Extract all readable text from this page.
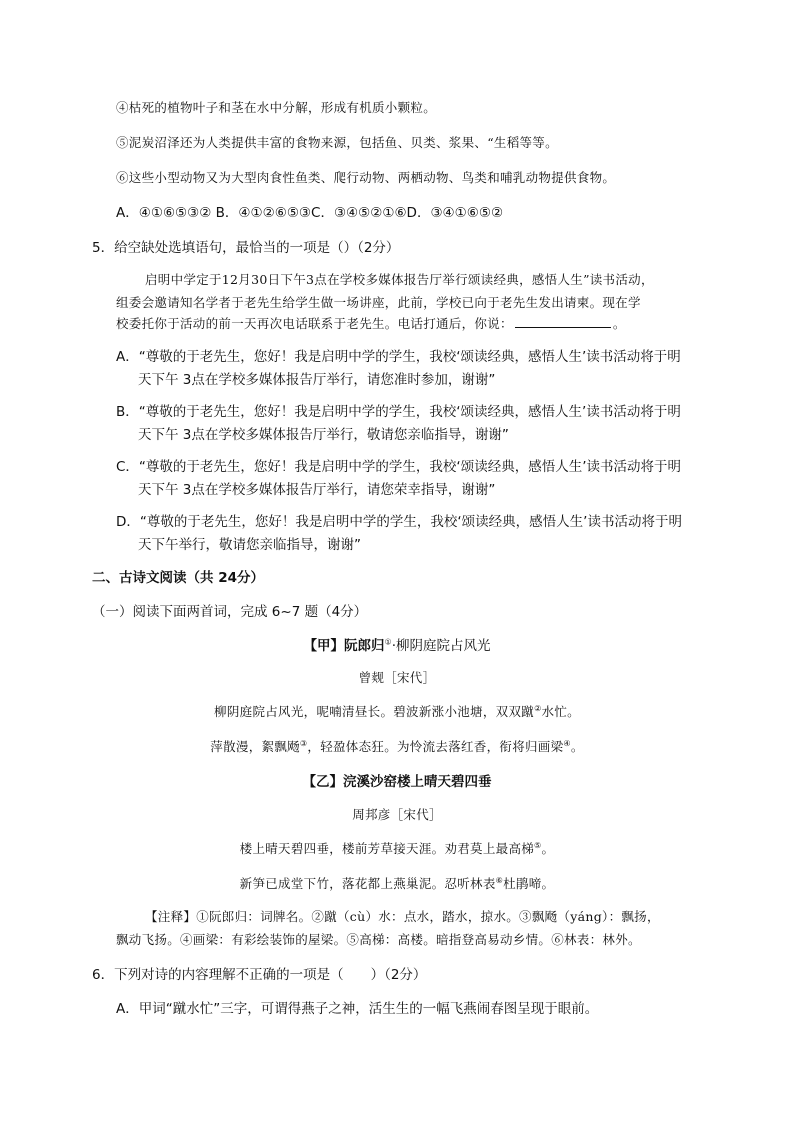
④枯死的植物叶子和茎在水中分解，形成有机质小颗粒。
⑤泥炭沼泽还为人类提供丰富的食物来源，包括鱼、贝类、浆果、“生稻等等。
⑥这些小型动物又为大型肉食性鱼类、爬行动物、两栖动物、鸟类和哺乳动物提供食物。
A．④①⑥⑤③② B．④①②⑥⑤③C．③④⑤②①⑥D．③④①⑥⑤②
5．给空缺处选填语句，最恰当的一项是（）（2分）
启明中学定于12月30日下午3点在学校多媒体报告厅举行颂读经典，感悟人生”读书活动，
组委会邀请知名学者于老先生给学生做一场讲座，此前，学校已向于老先生发出请柬。现在学
校委托你于活动的前一天再次电话联系于老先生。电话打通后，你说：	。
A．“尊敬的于老先生，您好！我是启明中学的学生，我校‘颂读经典，感悟人生’读书活动将于明
天下午 3点在学校多媒体报告厅举行，请您准时参加，谢谢”
B．“尊敬的于老先生，您好！我是启明中学的学生，我校‘颂读经典，感悟人生’读书活动将于明
天下午 3点在学校多媒体报告厅举行，敬请您亲临指导，谢谢”
C．“尊敬的于老先生，您好！我是启明中学的学生，我校‘颂读经典，感悟人生’读书活动将于明
天下午 3点在学校多媒体报告厅举行，请您荣幸指导，谢谢”
D．“尊敬的于老先生，您好！我是启明中学的学生，我校‘颂读经典，感悟人生’读书活动将于明
天下午举行，敬请您亲临指导，谢谢”
二、古诗文阅读（共 24分）
（一）阅读下面两首词，完成 6~7 题（4分）
【甲】阮郎归①·柳阴庭院占风光
曾觌［宋代］
柳阴庭院占风光，呢喃清昼长。碧波新涨小池塘，双双蹴②水忙。
萍散漫，絮飘飏③，轻盈体态狂。为怜流去落红香，衔将归画梁④。
【乙】浣溪沙窑楼上晴天碧四垂
周邦彦［宋代］
楼上晴天碧四垂，楼前芳草接天涯。劝君莫上最高梯⑤。
新笋已成堂下竹，落花都上燕巢泥。忍听林表⑥杜鹃啼。
【注释】①阮郎归：词牌名。②蹴（cù）水：点水，踏水，掠水。③飘飏（yáng）：飘扬，
飘动飞扬。④画梁：有彩绘装饰的屋梁。⑤高梯：高楼。暗指登高易动乡情。⑥林表：林外。
6．下列对诗的内容理解不正确的一项是（　　）（2分）
A．甲词“蹴水忙”三字，可谓得燕子之神，活生生的一幅飞燕闹春图呈现于眼前。
